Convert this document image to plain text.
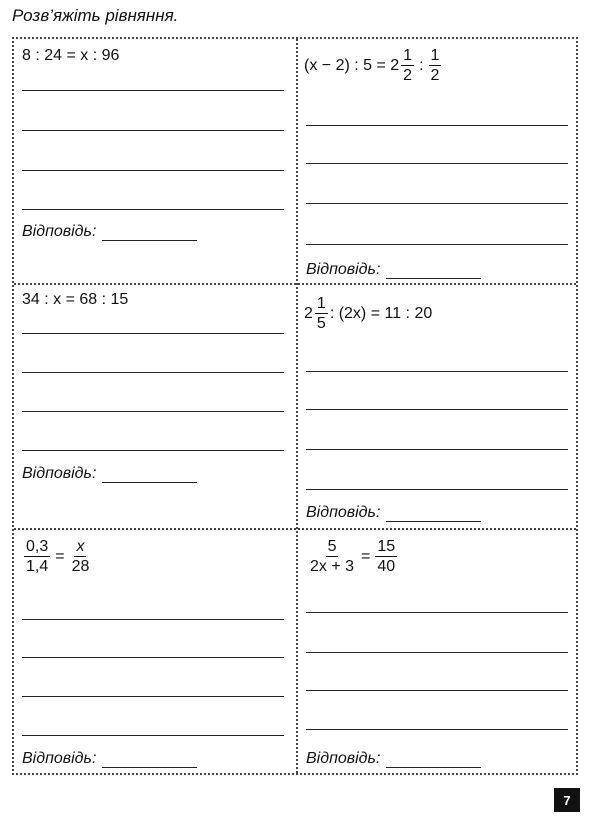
Розв’яжіть рівняння.
8 : 24 = x : 96
Відповідь:
(x − 2) : $5 = 2 \frac{1}{2}$ : $\frac{1}{2}$
Відповідь:
34 : x = 68 : 15
Відповідь:
$2 \frac{1}{5}$ : (2x) = 11 : 20
Відповідь:
$\frac{0,3}{1,4} = \frac{x}{28}$
Відповідь:
$\frac{5}{2x + 3} = \frac{15}{40}$
Відповідь:
7
